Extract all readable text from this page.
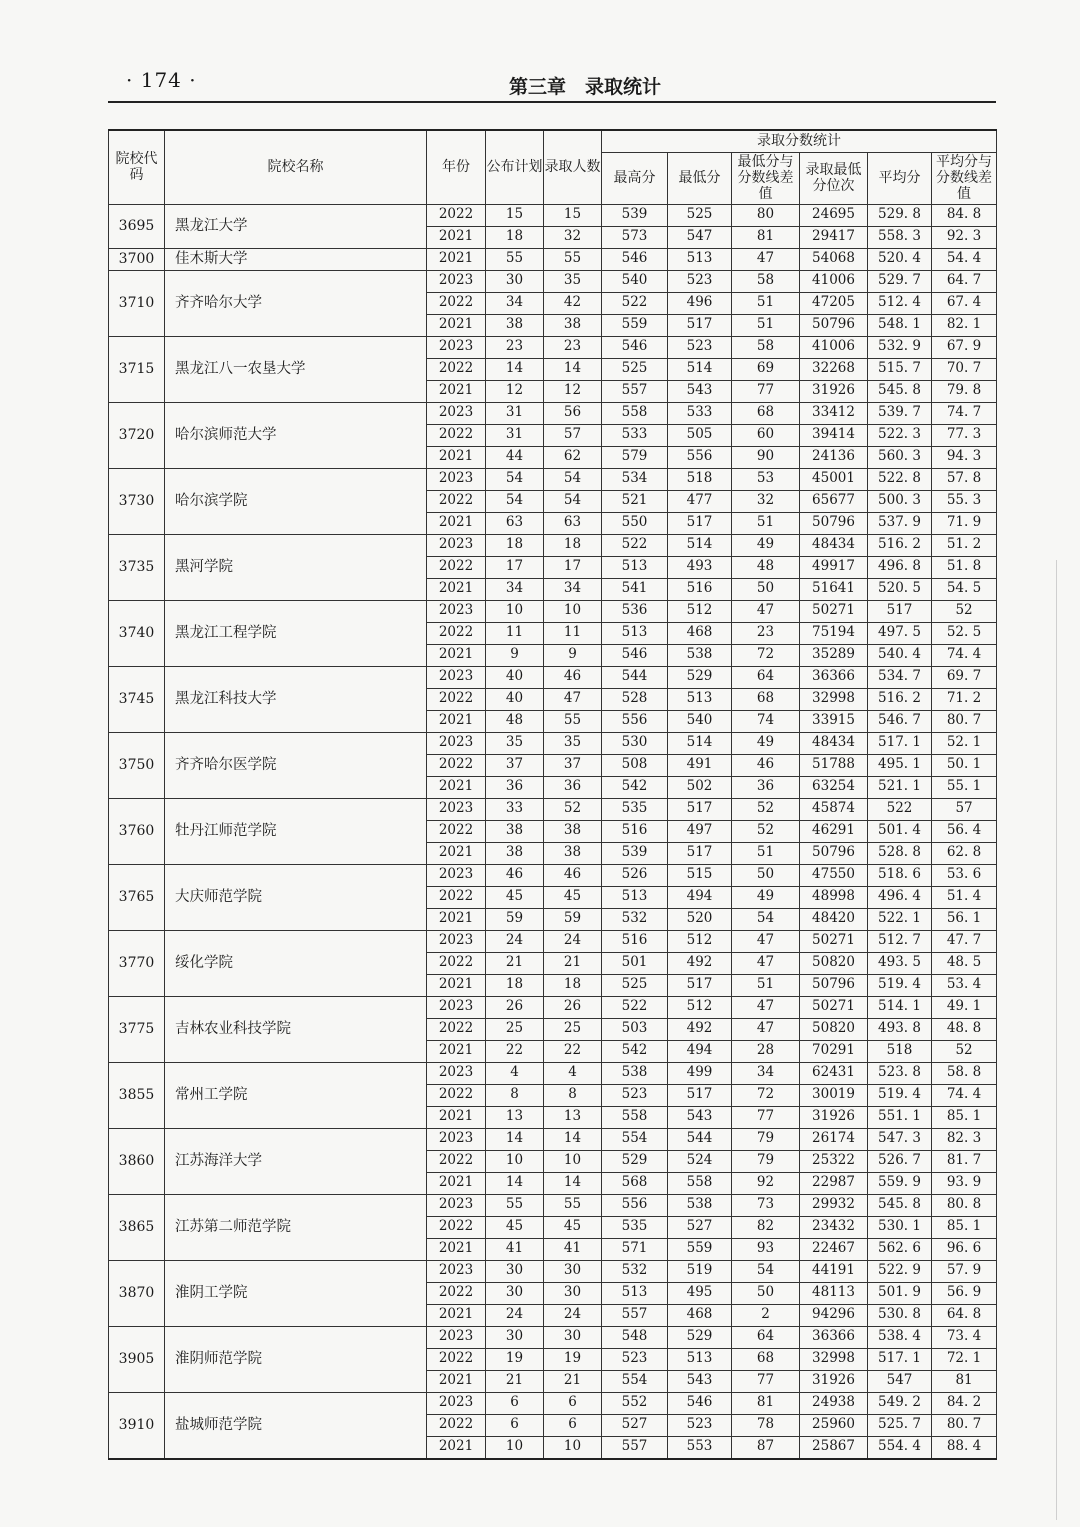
· 174 ·	第三章　录取统计
院校代码	院校名称	年份	公布计划	录取人数	录取分数统计					
					最高分	最低分	最低分与分数线差值	录取最低分位次	平均分	平均分与分数线差值
3695	黑龙江大学	2022	15	15	539	525	80	24695	529. 8	84. 8
		2021	18	32	573	547	81	29417	558. 3	92. 3
3700	佳木斯大学	2021	55	55	546	513	47	54068	520. 4	54. 4
3710	齐齐哈尔大学	2023	30	35	540	523	58	41006	529. 7	64. 7
		2022	34	42	522	496	51	47205	512. 4	67. 4
		2021	38	38	559	517	51	50796	548. 1	82. 1
3715	黑龙江八一农垦大学	2023	23	23	546	523	58	41006	532. 9	67. 9
		2022	14	14	525	514	69	32268	515. 7	70. 7
		2021	12	12	557	543	77	31926	545. 8	79. 8
3720	哈尔滨师范大学	2023	31	56	558	533	68	33412	539. 7	74. 7
		2022	31	57	533	505	60	39414	522. 3	77. 3
		2021	44	62	579	556	90	24136	560. 3	94. 3
3730	哈尔滨学院	2023	54	54	534	518	53	45001	522. 8	57. 8
		2022	54	54	521	477	32	65677	500. 3	55. 3
		2021	63	63	550	517	51	50796	537. 9	71. 9
3735	黑河学院	2023	18	18	522	514	49	48434	516. 2	51. 2
		2022	17	17	513	493	48	49917	496. 8	51. 8
		2021	34	34	541	516	50	51641	520. 5	54. 5
3740	黑龙江工程学院	2023	10	10	536	512	47	50271	517	52
		2022	11	11	513	468	23	75194	497. 5	52. 5
		2021	9	9	546	538	72	35289	540. 4	74. 4
3745	黑龙江科技大学	2023	40	46	544	529	64	36366	534. 7	69. 7
		2022	40	47	528	513	68	32998	516. 2	71. 2
		2021	48	55	556	540	74	33915	546. 7	80. 7
3750	齐齐哈尔医学院	2023	35	35	530	514	49	48434	517. 1	52. 1
		2022	37	37	508	491	46	51788	495. 1	50. 1
		2021	36	36	542	502	36	63254	521. 1	55. 1
3760	牡丹江师范学院	2023	33	52	535	517	52	45874	522	57
		2022	38	38	516	497	52	46291	501. 4	56. 4
		2021	38	38	539	517	51	50796	528. 8	62. 8
3765	大庆师范学院	2023	46	46	526	515	50	47550	518. 6	53. 6
		2022	45	45	513	494	49	48998	496. 4	51. 4
		2021	59	59	532	520	54	48420	522. 1	56. 1
3770	绥化学院	2023	24	24	516	512	47	50271	512. 7	47. 7
		2022	21	21	501	492	47	50820	493. 5	48. 5
		2021	18	18	525	517	51	50796	519. 4	53. 4
3775	吉林农业科技学院	2023	26	26	522	512	47	50271	514. 1	49. 1
		2022	25	25	503	492	47	50820	493. 8	48. 8
		2021	22	22	542	494	28	70291	518	52
3855	常州工学院	2023	4	4	538	499	34	62431	523. 8	58. 8
		2022	8	8	523	517	72	30019	519. 4	74. 4
		2021	13	13	558	543	77	31926	551. 1	85. 1
3860	江苏海洋大学	2023	14	14	554	544	79	26174	547. 3	82. 3
		2022	10	10	529	524	79	25322	526. 7	81. 7
		2021	14	14	568	558	92	22987	559. 9	93. 9
3865	江苏第二师范学院	2023	55	55	556	538	73	29932	545. 8	80. 8
		2022	45	45	535	527	82	23432	530. 1	85. 1
		2021	41	41	571	559	93	22467	562. 6	96. 6
3870	淮阴工学院	2023	30	30	532	519	54	44191	522. 9	57. 9
		2022	30	30	513	495	50	48113	501. 9	56. 9
		2021	24	24	557	468	2	94296	530. 8	64. 8
3905	淮阴师范学院	2023	30	30	548	529	64	36366	538. 4	73. 4
		2022	19	19	523	513	68	32998	517. 1	72. 1
		2021	21	21	554	543	77	31926	547	81
3910	盐城师范学院	2023	6	6	552	546	81	24938	549. 2	84. 2
		2022	6	6	527	523	78	25960	525. 7	80. 7
		2021	10	10	557	553	87	25867	554. 4	88. 4
